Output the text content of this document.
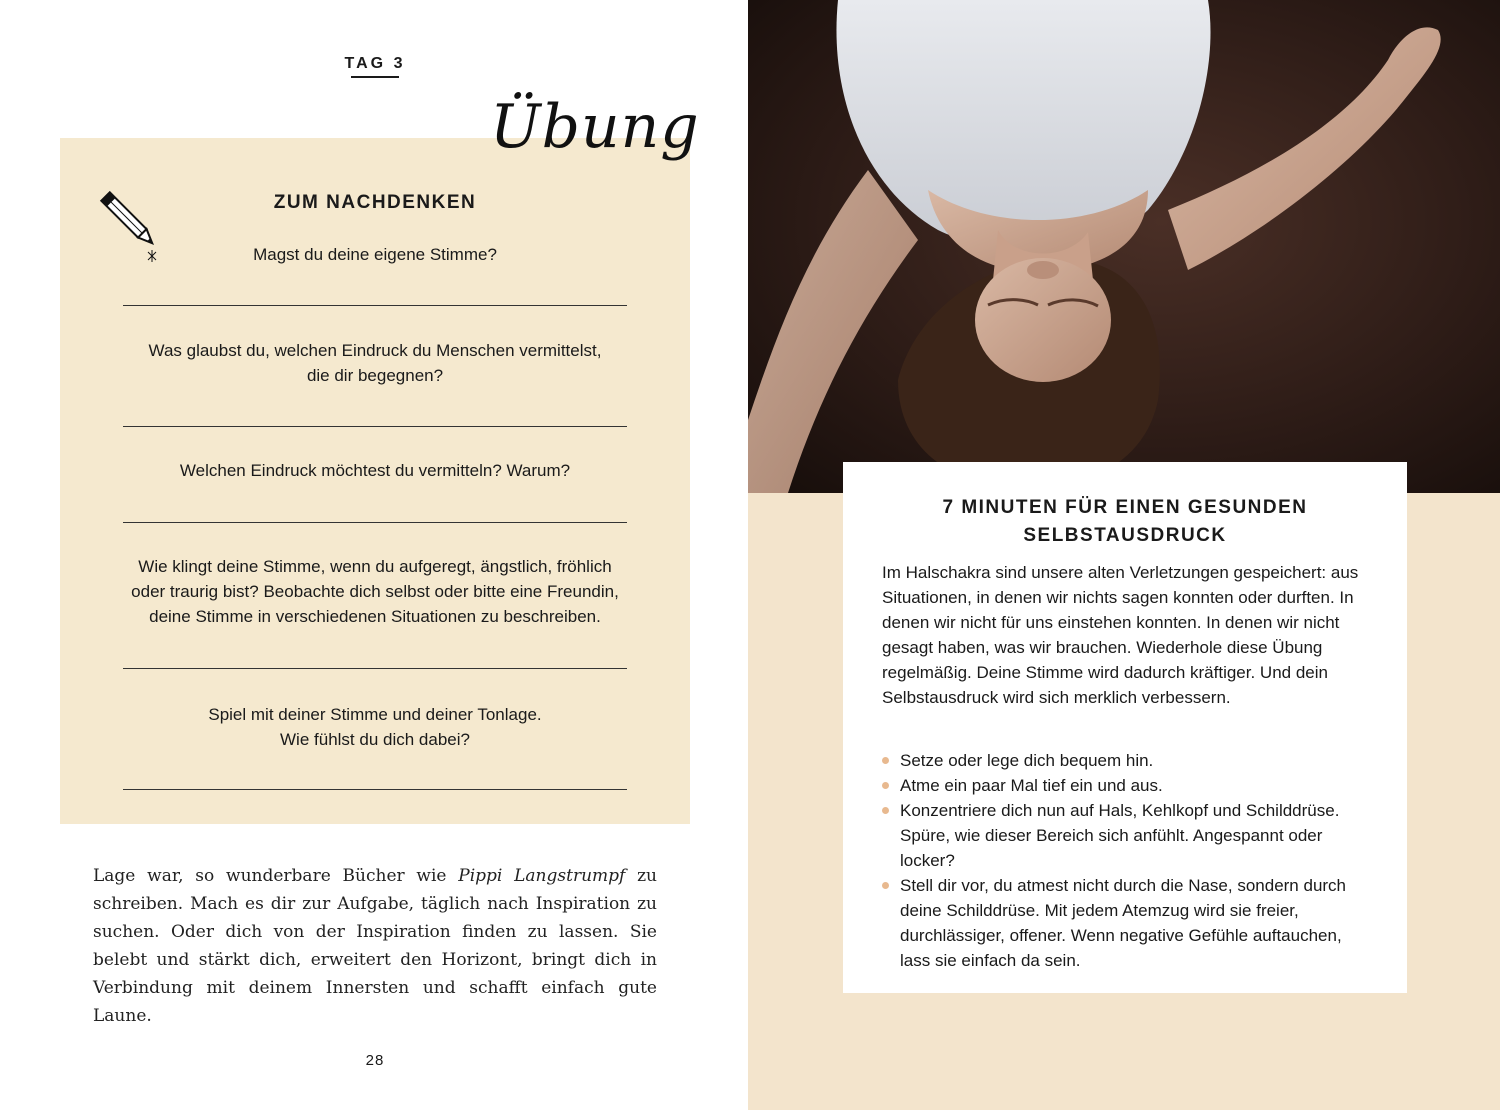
TAG 3
Übung
ZUM NACHDENKEN
Magst du deine eigene Stimme?
Was glaubst du, welchen Eindruck du Menschen vermittelst,
die dir begegnen?
Welchen Eindruck möchtest du vermitteln? Warum?
Wie klingt deine Stimme, wenn du aufgeregt, ängstlich, fröhlich
oder traurig bist? Beobachte dich selbst oder bitte eine Freundin,
deine Stimme in verschiedenen Situationen zu beschreiben.
Spiel mit deiner Stimme und deiner Tonlage.
Wie fühlst du dich dabei?
Lage war, so wunderbare Bücher wie Pippi Langstrumpf zu schreiben. Mach es dir zur Aufgabe, täglich nach Inspiration zu suchen. Oder dich von der Inspiration finden zu lassen. Sie belebt und stärkt dich, erweitert den Horizont, bringt dich in Verbindung mit deinem Innersten und schafft einfach gute Laune.
28
7 MINUTEN FÜR EINEN GESUNDEN
SELBSTAUSDRUCK
Im Halschakra sind unsere alten Verletzungen gespeichert: aus Situationen, in denen wir nichts sagen konnten oder durften. In denen wir nicht für uns einstehen konnten. In denen wir nicht gesagt haben, was wir brauchen. Wiederhole diese Übung regelmäßig. Deine Stimme wird dadurch kräftiger. Und dein Selbstausdruck wird sich merklich verbessern.
Setze oder lege dich bequem hin.
Atme ein paar Mal tief ein und aus.
Konzentriere dich nun auf Hals, Kehlkopf und Schilddrüse. Spüre, wie dieser Bereich sich anfühlt. Angespannt oder locker?
Stell dir vor, du atmest nicht durch die Nase, sondern durch deine Schilddrüse. Mit jedem Atemzug wird sie freier, durchlässiger, offener. Wenn negative Gefühle auftauchen, lass sie einfach da sein.
